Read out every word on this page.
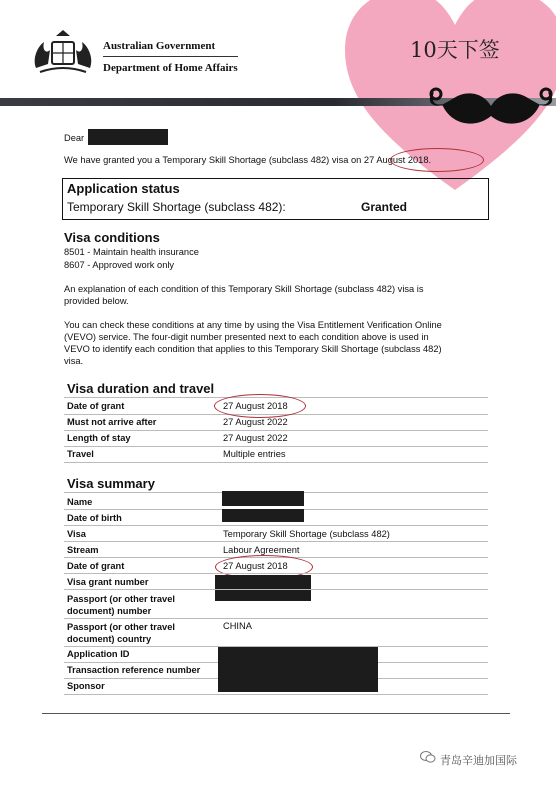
Australian Government
Department of Home Affairs
10天下签
Dear
We have granted you a Temporary Skill Shortage (subclass 482) visa on 27 August 2018.
Application status
Temporary Skill Shortage (subclass 482):	Granted
Visa conditions
8501 - Maintain health insurance
8607 - Approved work only
An explanation of each condition of this Temporary Skill Shortage (subclass 482) visa is
provided below.
You can check these conditions at any time by using the Visa Entitlement Verification Online
(VEVO) service. The four-digit number presented next to each condition above is used in
VEVO to identify each condition that applies to this Temporary Skill Shortage (subclass 482)
visa.
Visa duration and travel
Date of grant	27 August 2018
Must not arrive after	27 August 2022
Length of stay	27 August 2022
Travel	Multiple entries
Visa summary
Name
Date of birth
Visa	Temporary Skill Shortage (subclass 482)
Stream	Labour Agreement
Date of grant	27 August 2018
Visa grant number
Passport (or other travel
document) number
Passport (or other travel
document) country
CHINA
Application ID
Transaction reference number
Sponsor
青岛辛迪加国际
